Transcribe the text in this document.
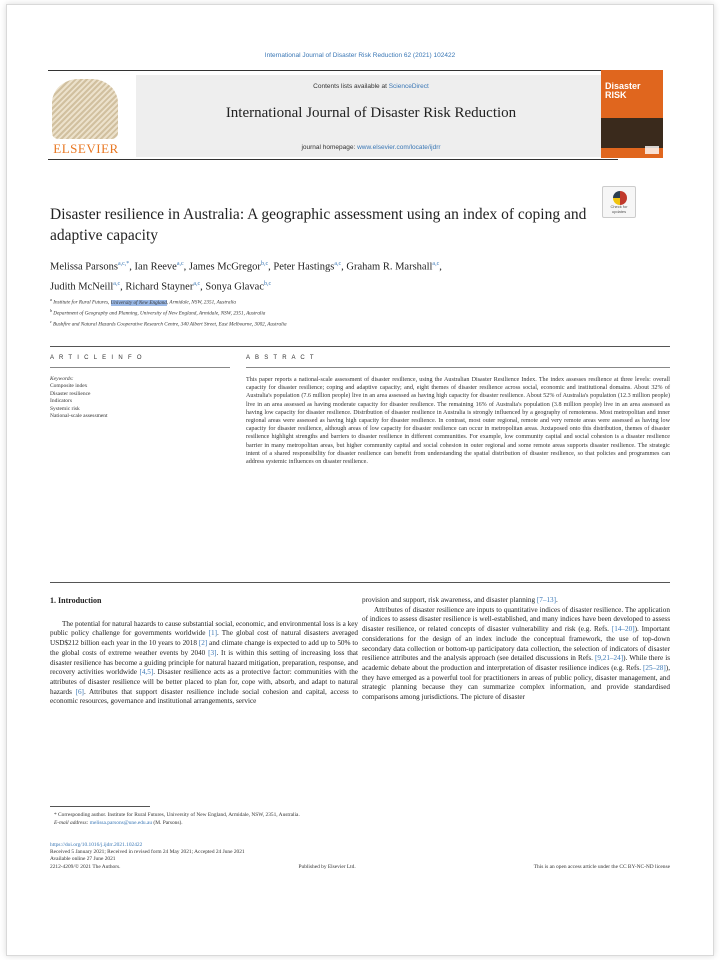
International Journal of Disaster Risk Reduction 62 (2021) 102422
ELSEVIER
Contents lists available at ScienceDirect
International Journal of Disaster Risk Reduction
journal homepage: www.elsevier.com/locate/ijdrr
Disaster RISK
Check for updates
Disaster resilience in Australia: A geographic assessment using an index of coping and adaptive capacity
Melissa Parsons$^{a,c,*}$, Ian Reeve$^{a,c}$, James McGregor$^{b,c}$, Peter Hastings$^{a,c}$, Graham R. Marshall$^{a,c}$,
Judith McNeill$^{a,c}$, Richard Stayner$^{a,c}$, Sonya Glavac$^{b,c}$
$^a$ Institute for Rural Futures, University of New England, Armidale, NSW, 2351, Australia
$^b$ Department of Geography and Planning, University of New England, Armidale, NSW, 2351, Australia
$^c$ Bushfire and Natural Hazards Cooperative Research Centre, 340 Albert Street, East Melbourne, 3002, Australia
A R T I C L E I N F O
Keywords:
Composite index
Disaster resilience
Indicators
Systemic risk
National-scale assessment
A B S T R A C T
This paper reports a national-scale assessment of disaster resilience, using the Australian Disaster Resilience Index. The index assesses resilience at three levels: overall capacity for disaster resilience; coping and adaptive capacity; and, eight themes of disaster resilience across social, economic and institutional domains. About 32% of Australia's population (7.6 million people) live in an area assessed as having high capacity for disaster resilience. About 52% of Australia's population (12.3 million people) live in an area assessed as having moderate capacity for disaster resilience. The remaining 16% of Australia's population (3.8 million people) live in an area assessed as having low capacity for disaster resilience. Distribution of disaster resilience in Australia is strongly influenced by a geography of remoteness. Most metropolitan and inner regional areas were assessed as having high capacity for disaster resilience. In contrast, most outer regional, remote and very remote areas were assessed as having low capacity for disaster resilience, although areas of low capacity for disaster resilience can occur in metropolitan areas. Juxtaposed onto this distribution, themes of disaster resilience highlight strengths and barriers to disaster resilience in different communities. For example, low community capital and social cohesion is a disaster resilience barrier in many metropolitan areas, but higher community capital and social cohesion in outer regional and some remote areas supports disaster resilience. The strategic intent of a shared responsibility for disaster resilience can benefit from understanding the spatial distribution of disaster resilience, so that policies and programmes can address systemic influences on disaster resilience.
1. Introduction

The potential for natural hazards to cause substantial social, economic, and environmental loss is a key public policy challenge for governments worldwide [1]. The global cost of natural disasters averaged USD$212 billion each year in the 10 years to 2018 [2] and climate change is expected to add up to 50% to the global costs of extreme weather events by 2040 [3]. It is within this setting of increasing loss that disaster resilience has become a guiding principle for natural hazard mitigation, preparation, response, and recovery activities worldwide [4,5]. Disaster resilience acts as a protective factor: communities with the attributes of disaster resilience will be better placed to plan for, cope with, absorb, and adapt to natural hazards [6]. Attributes that support disaster resilience include social cohesion and capital, access to economic resources, governance and institutional arrangements, service

provision and support, risk awareness, and disaster planning [7–13].

Attributes of disaster resilience are inputs to quantitative indices of disaster resilience. The application of indices to assess disaster resilience is well-established, and many indices have been developed to assess disaster resilience, or related concepts of disaster vulnerability and risk (e.g. Refs. [14–20]). Important considerations for the design of an index include the conceptual framework, the use of top-down secondary data collection or bottom-up participatory data collection, the selection of indicators of disaster resilience attributes and the analysis approach (see detailed discussions in Refs. [9,21–24]). While there is academic debate about the production and interpretation of disaster resilience indices (e.g. Refs. [25–28]), they have emerged as a powerful tool for practitioners in areas of public policy, disaster management, and strategic planning because they can summarize complex information, and provide standardised comparisons among jurisdictions. The picture of disaster

* Corresponding author. Institute for Rural Futures, University of New England, Armidale, NSW, 2351, Australia.
E-mail address: melissa.parsons@une.edu.au (M. Parsons).
https://doi.org/10.1016/j.ijdrr.2021.102422
Received 5 January 2021; Received in revised form 24 May 2021; Accepted 24 June 2021
Available online 27 June 2021
2212-4209/© 2021 The Authors.	Published by Elsevier Ltd.	This is an open access article under the CC BY-NC-ND license
